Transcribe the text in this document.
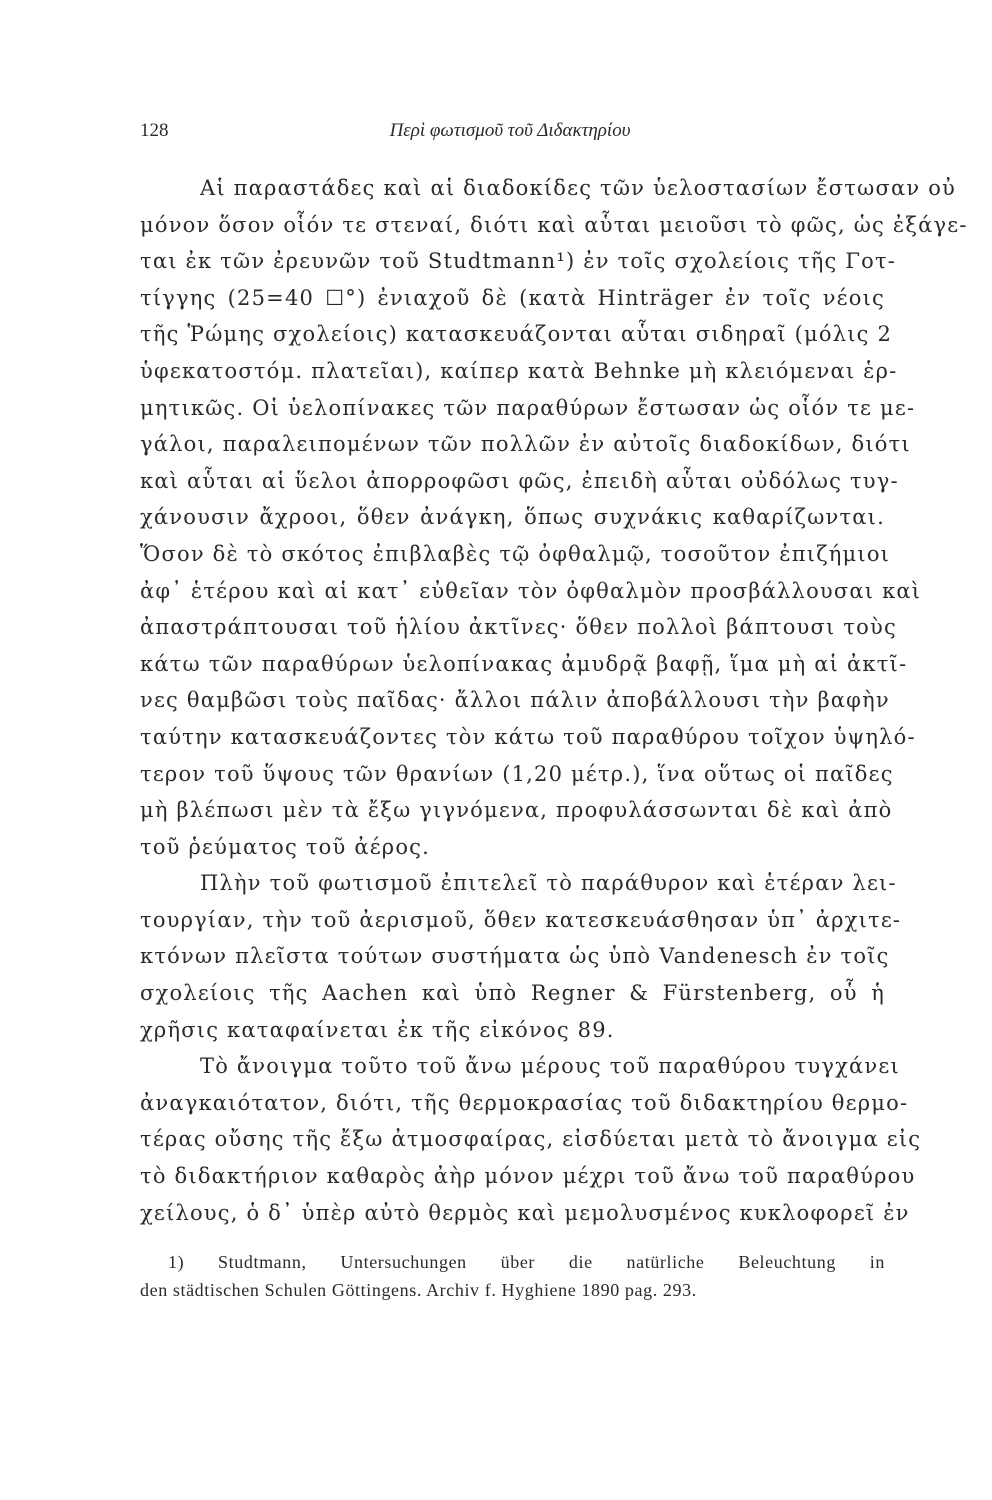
128	Περὶ φωτισμοῦ τοῦ Διδακτηρίου
Αἱ παραστάδες καὶ αἱ διαδοκίδες τῶν ὑελοστασίων ἔστωσαν οὐ
μόνον ὅσον οἷόν τε στεναί, διότι καὶ αὗται μειοῦσι τὸ φῶς, ὡς ἐξάγε-
ται ἐκ τῶν ἐρευνῶν τοῦ Studtmann¹) ἐν τοῖς σχολείοις τῆς Γοτ-
τίγγης (25=40 ☐°) ἐνιαχοῦ δὲ (κατὰ Hinträger ἐν τοῖς νέοις
τῆς Ῥώμης σχολείοις) κατασκευάζονται αὗται σιδηραῖ (μόλις 2
ὑφεκατοστόμ. πλατεῖαι), καίπερ κατὰ Behnke μὴ κλειόμεναι ἑρ-
μητικῶς. Οἱ ὑελοπίνακες τῶν παραθύρων ἔστωσαν ὡς οἷόν τε με-
γάλοι, παραλειπομένων τῶν πολλῶν ἐν αὐτοῖς διαδοκίδων, διότι
καὶ αὗται αἱ ὕελοι ἀπορροφῶσι φῶς, ἐπειδὴ αὗται οὐδόλως τυγ-
χάνουσιν ἄχροοι, ὅθεν ἀνάγκη, ὅπως συχνάκις καθαρίζωνται.
Ὅσον δὲ τὸ σκότος ἐπιβλαβὲς τῷ ὀφθαλμῷ, τοσοῦτον ἐπιζήμιοι
ἀφ᾽ ἑτέρου καὶ αἱ κατ᾽ εὐθεῖαν τὸν ὀφθαλμὸν προσβάλλουσαι καὶ
ἀπαστράπτουσαι τοῦ ἡλίου ἀκτῖνες· ὅθεν πολλοὶ βάπτουσι τοὺς
κάτω τῶν παραθύρων ὑελοπίνακας ἀμυδρᾷ βαφῇ, ἵμα μὴ αἱ ἀκτῖ-
νες θαμβῶσι τοὺς παῖδας· ἄλλοι πάλιν ἀποβάλλουσι τὴν βαφὴν
ταύτην κατασκευάζοντες τὸν κάτω τοῦ παραθύρου τοῖχον ὑψηλό-
τερον τοῦ ὕψους τῶν θρανίων (1,20 μέτρ.), ἵνα οὕτως οἱ παῖδες
μὴ βλέπωσι μὲν τὰ ἔξω γιγνόμενα, προφυλάσσωνται δὲ καὶ ἀπὸ
τοῦ ῥεύματος τοῦ ἀέρος.
Πλὴν τοῦ φωτισμοῦ ἐπιτελεῖ τὸ παράθυρον καὶ ἑτέραν λει-
τουργίαν, τὴν τοῦ ἀερισμοῦ, ὅθεν κατεσκευάσθησαν ὑπ᾽ ἀρχιτε-
κτόνων πλεῖστα τούτων συστήματα ὡς ὑπὸ Vandenesch ἐν τοῖς
σχολείοις τῆς Aachen καὶ ὑπὸ Regner & Fürstenberg, οὗ ἡ
χρῆσις καταφαίνεται ἐκ τῆς εἰκόνος 89.
Τὸ ἄνοιγμα τοῦτο τοῦ ἄνω μέρους τοῦ παραθύρου τυγχάνει
ἀναγκαιότατον, διότι, τῆς θερμοκρασίας τοῦ διδακτηρίου θερμο-
τέρας οὔσης τῆς ἔξω ἀτμοσφαίρας, εἰσδύεται μετὰ τὸ ἄνοιγμα εἰς
τὸ διδακτήριον καθαρὸς ἀὴρ μόνον μέχρι τοῦ ἄνω τοῦ παραθύρου
χείλους, ὁ δ᾽ ὑπὲρ αὐτὸ θερμὸς καὶ μεμολυσμένος κυκλοφορεῖ ἐν
1) Studtmann, Untersuchungen über die natürliche Beleuchtung in
den städtischen Schulen Göttingens. Archiv f. Hyghiene 1890 pag. 293.
